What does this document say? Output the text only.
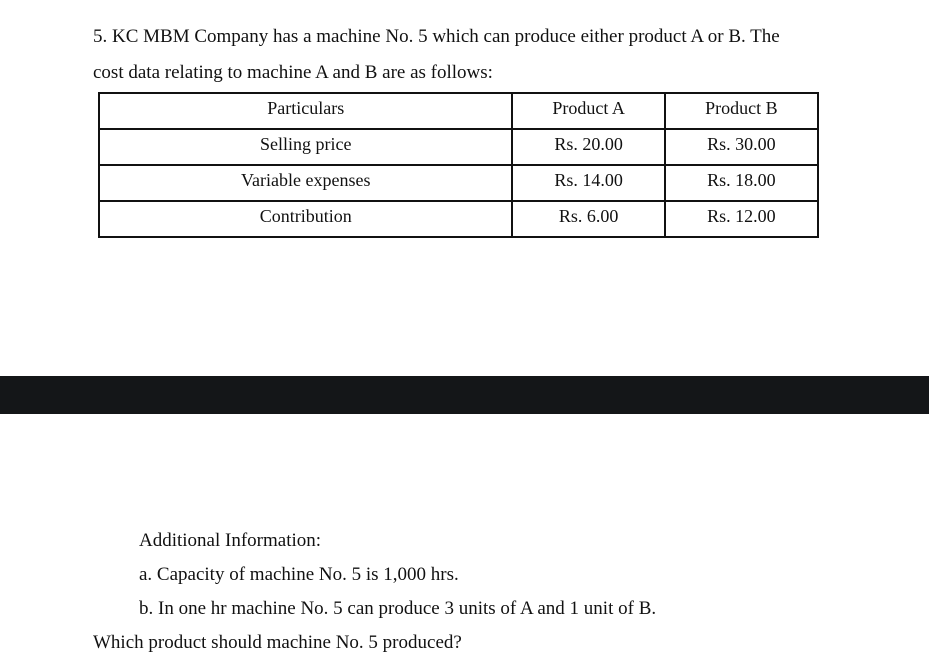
5. KC MBM Company has a machine No. 5 which can produce either product A or B. The
cost data relating to machine A and B are as follows:
Particulars	Product A	Product B
Selling price	Rs. 20.00	Rs. 30.00
Variable expenses	Rs. 14.00	Rs. 18.00
Contribution	Rs. 6.00	Rs. 12.00
Additional Information:
a. Capacity of machine No. 5 is 1,000 hrs.
b. In one hr machine No. 5 can produce 3 units of A and 1 unit of B.
Which product should machine No. 5 produced?
